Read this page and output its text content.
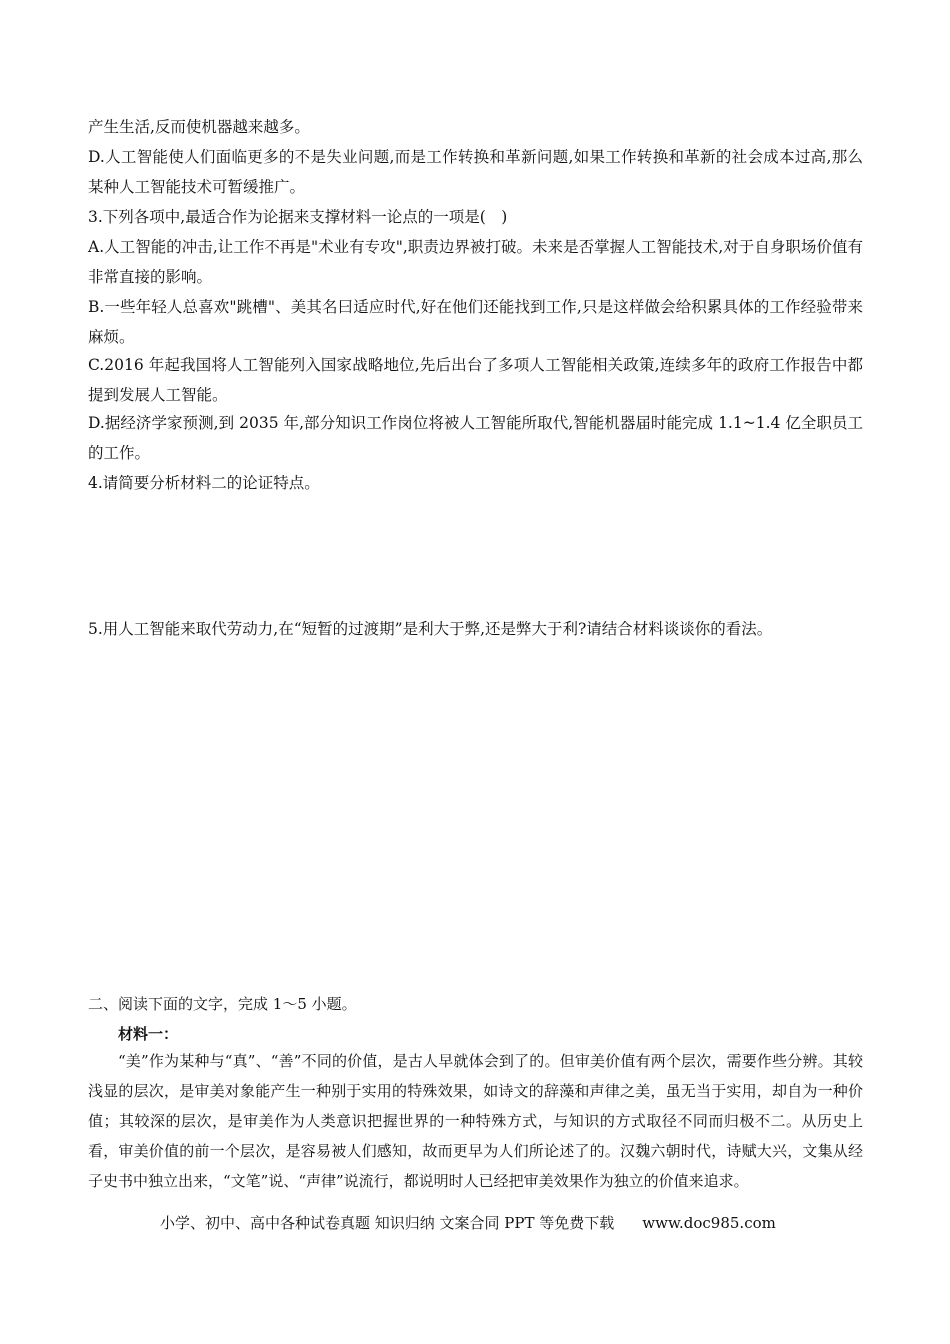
产生生活,反而使机器越来越多。

D.人工智能使人们面临更多的不是失业问题,而是工作转换和革新问题,如果工作转换和革新的社会成本过高,那么某种人工智能技术可暂缓推广。

3.下列各项中,最适合作为论据来支撑材料一论点的一项是(　)

A.人工智能的冲击,让工作不再是"术业有专攻",职责边界被打破。未来是否掌握人工智能技术,对于自身职场价值有非常直接的影响。

B.一些年轻人总喜欢"跳槽"、美其名曰适应时代,好在他们还能找到工作,只是这样做会给积累具体的工作经验带来麻烦。

C.2016 年起我国将人工智能列入国家战略地位,先后出台了多项人工智能相关政策,连续多年的政府工作报告中都提到发展人工智能。

D.据经济学家预测,到 2035 年,部分知识工作岗位将被人工智能所取代,智能机器届时能完成 1.1~1.4 亿全职员工的工作。

4.请简要分析材料二的论证特点。

5.用人工智能来取代劳动力,在“短暂的过渡期”是利大于弊,还是弊大于利?请结合材料谈谈你的看法。

二、阅读下面的文字，完成 1～5 小题。

材料一：

“美”作为某种与“真”、“善”不同的价值，是古人早就体会到了的。但审美价值有两个层次，需要作些分辨。其较浅显的层次，是审美对象能产生一种别于实用的特殊效果，如诗文的辞藻和声律之美，虽无当于实用，却自为一种价值；其较深的层次，是审美作为人类意识把握世界的一种特殊方式，与知识的方式取径不同而归极不二。从历史上看，审美价值的前一个层次，是容易被人们感知，故而更早为人们所论述了的。汉魏六朝时代，诗赋大兴，文集从经子史书中独立出来，“文笔”说、“声律”说流行，都说明时人已经把审美效果作为独立的价值来追求。

小学、初中、高中各种试卷真题 知识归纳 文案合同 PPT 等免费下载 www.doc985.com
